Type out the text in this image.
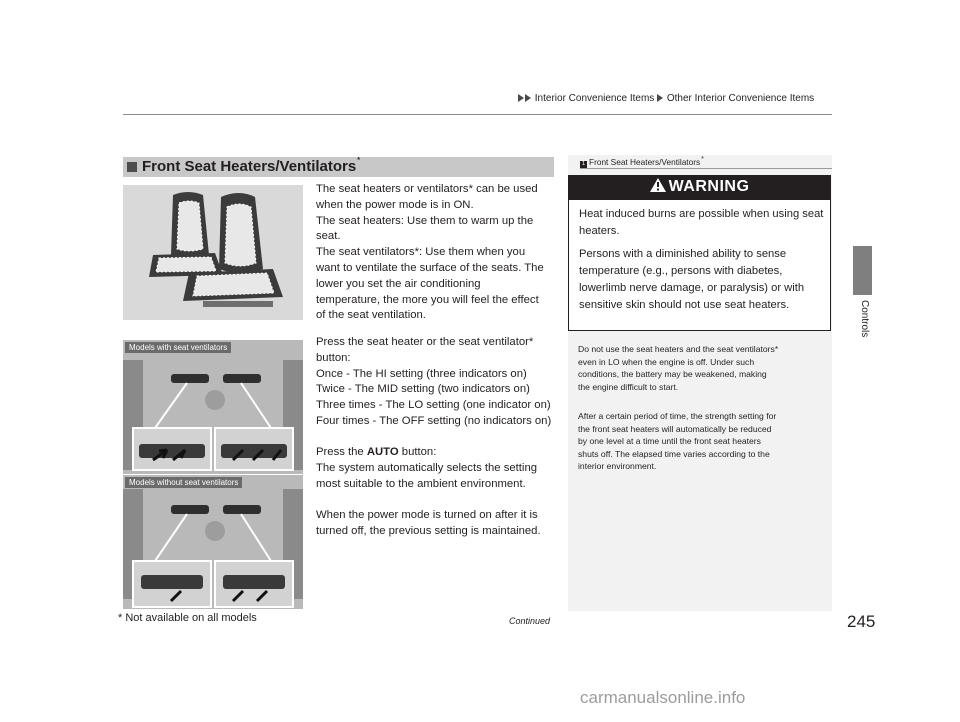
Interior Convenience Items Other Interior Convenience Items
Controls
Front Seat Heaters/Ventilators*

The seat heaters or ventilators* can be used

when the power mode is in ON.

The seat heaters: Use them to warm up the

seat.

The seat ventilators*: Use them when you

want to ventilate the surface of the seats. The

lower you set the air conditioning

temperature, the more you will feel the effect

of the seat ventilation.

Press the seat heater or the seat ventilator*

button:

Once - The HI setting (three indicators on)

Twice - The MID setting (two indicators on)

Three times - The LO setting (one indicator on)

Four times - The OFF setting (no indicators on)

Press the AUTO button:

The system automatically selects the setting

most suitable to the ambient environment.

When the power mode is turned on after it is

turned off, the previous setting is maintained.

Models with seat ventilators
Models without seat ventilators
1 Front Seat Heaters/Ventilators*
WARNING

Heat induced burns are possible when using seat heaters.

Persons with a diminished ability to sense temperature (e.g., persons with diabetes, lowerlimb nerve damage, or paralysis) or with sensitive skin should not use seat heaters.

Do not use the seat heaters and the seat ventilators*

even in LO when the engine is off. Under such

conditions, the battery may be weakened, making

the engine difficult to start.

After a certain period of time, the strength setting for

the front seat heaters will automatically be reduced

by one level at a time until the front seat heaters

shuts off. The elapsed time varies according to the

interior environment.

* Not available on all models	Continued	245
carmanualsonline.info
